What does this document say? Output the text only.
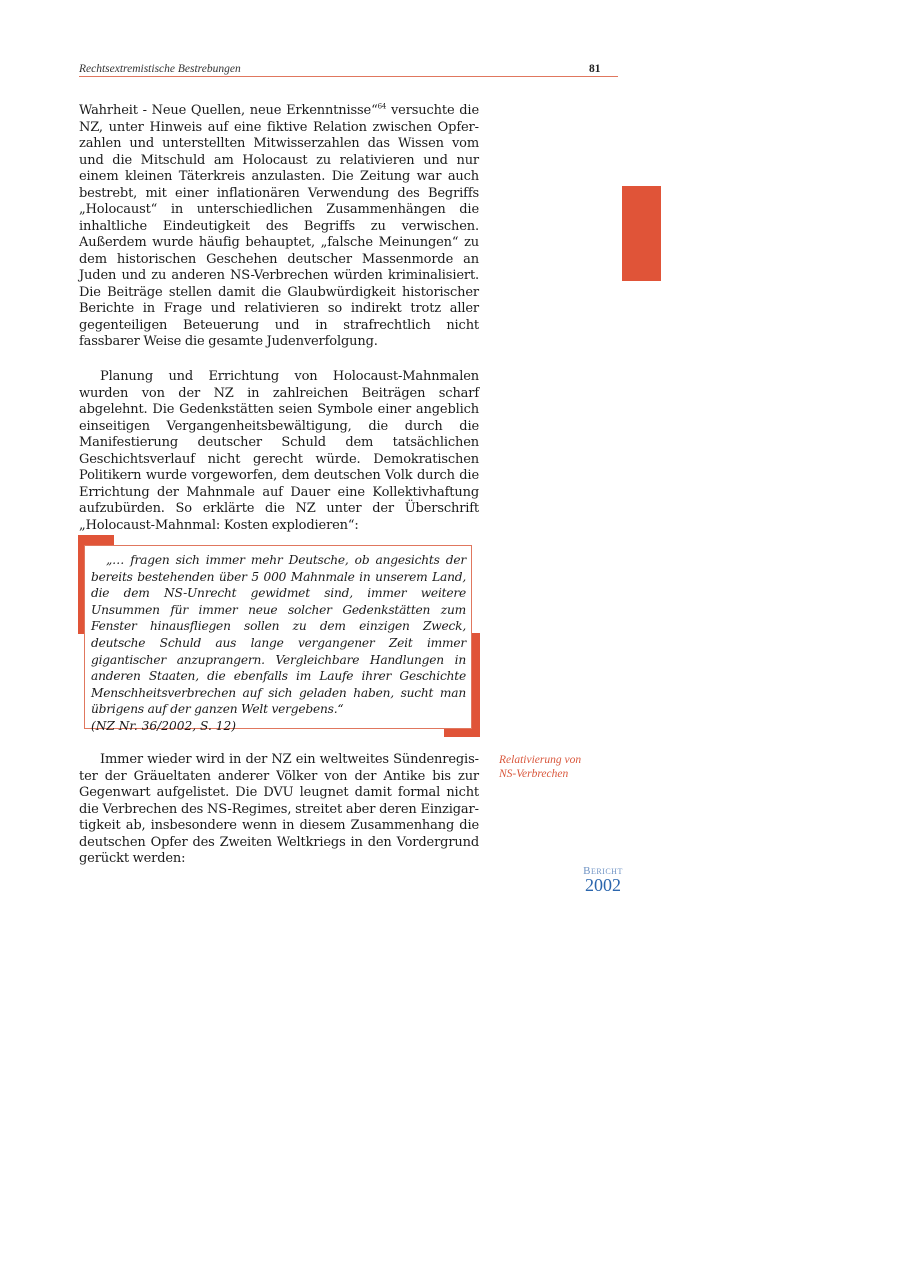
Rechtsextremistische Bestrebungen	81

Wahrheit - Neue Quellen, neue Erkenntnisse“$^{64}$ versuchte die NZ, unter Hinweis auf eine fiktive Relation zwischen Opferzahlen und unterstellten Mitwisserzahlen das Wissen vom und die Mitschuld am Holocaust zu relativieren und nur einem kleinen Täterkreis anzulasten. Die Zeitung war auch bestrebt, mit einer inflationären Verwendung des Begriffs „Holocaust“ in unterschiedlichen Zusammenhängen die inhaltliche Eindeutigkeit des Begriffs zu verwischen. Außerdem wurde häufig behauptet, „falsche Meinungen“ zu dem historischen Geschehen deutscher Massenmorde an Juden und zu anderen NS-Verbrechen würden kriminalisiert. Die Beiträge stellen damit die Glaubwürdigkeit historischer Berichte in Frage und relativieren so indirekt trotz aller gegenteiligen Beteuerung und in strafrechtlich nicht fassbarer Weise die gesamte Judenverfolgung.

Planung und Errichtung von Holocaust-Mahnmalen wurden von der NZ in zahlreichen Beiträgen scharf abgelehnt. Die Gedenkstätten seien Symbole einer angeblich einseitigen Vergangenheitsbewältigung, die durch die Manifestierung deutscher Schuld dem tatsächlichen Geschichtsverlauf nicht gerecht würde. Demokratischen Politikern wurde vorgeworfen, dem deutschen Volk durch die Errichtung der Mahnmale auf Dauer eine Kollektivhaftung aufzubürden. So erklärte die NZ unter der Überschrift „Holocaust-Mahnmal: Kosten explodieren“:

„… fragen sich immer mehr Deutsche, ob angesichts der bereits bestehenden über 5 000 Mahnmale in unserem Land, die dem NS-Unrecht gewidmet sind, immer weitere Unsummen für immer neue solcher Gedenkstätten zum Fenster hinausfliegen sollen zu dem einzigen Zweck, deutsche Schuld aus lange vergangener Zeit immer gigantischer anzuprangern. Vergleichbare Handlungen in anderen Staaten, die ebenfalls im Laufe ihrer Geschichte Menschheitsverbrechen auf sich geladen haben, sucht man übrigens auf der ganzen Welt vergebens.“

(NZ Nr. 36/2002, S. 12)

Immer wieder wird in der NZ ein weltweites Sündenregister der Gräueltaten anderer Völker von der Antike bis zur Gegenwart aufgelistet. Die DVU leugnet damit formal nicht die Verbrechen des NS-Regimes, streitet aber deren Einzigartigkeit ab, insbesondere wenn in diesem Zusammenhang die deutschen Opfer des Zweiten Weltkriegs in den Vordergrund gerückt werden:

Relativierung von
NS-Verbrechen

Bericht
2002
